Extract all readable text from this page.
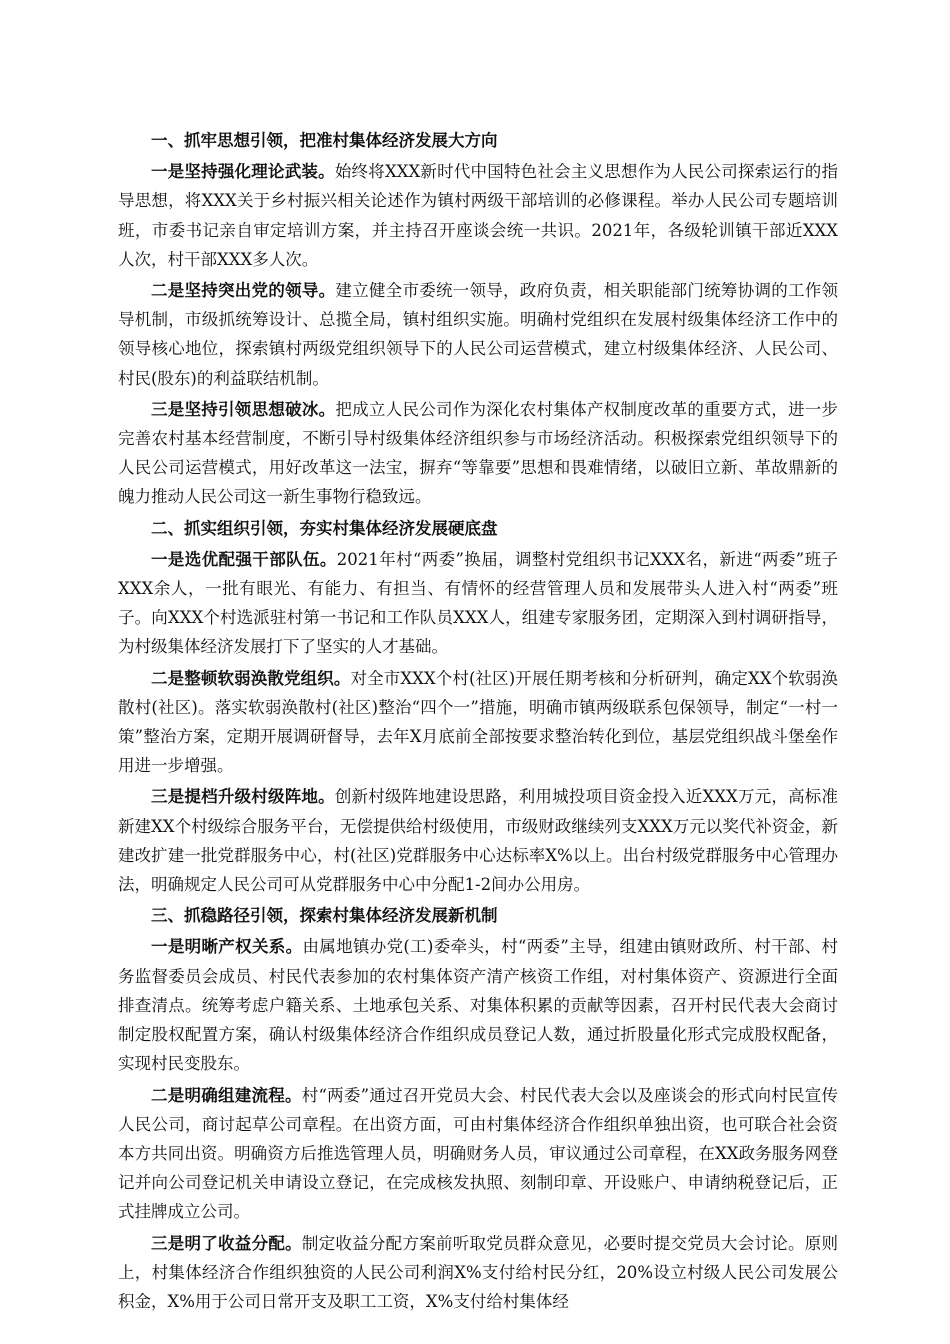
一、抓牢思想引领，把准村集体经济发展大方向

一是坚持强化理论武装。始终将XXX新时代中国特色社会主义思想作为人民公司探索运行的指导思想，将XXX关于乡村振兴相关论述作为镇村两级干部培训的必修课程。举办人民公司专题培训班，市委书记亲自审定培训方案，并主持召开座谈会统一共识。2021年，各级轮训镇干部近XXX人次，村干部XXX多人次。

二是坚持突出党的领导。建立健全市委统一领导，政府负责，相关职能部门统筹协调的工作领导机制，市级抓统筹设计、总揽全局，镇村组织实施。明确村党组织在发展村级集体经济工作中的领导核心地位，探索镇村两级党组织领导下的人民公司运营模式，建立村级集体经济、人民公司、村民(股东)的利益联结机制。

三是坚持引领思想破冰。把成立人民公司作为深化农村集体产权制度改革的重要方式，进一步完善农村基本经营制度，不断引导村级集体经济组织参与市场经济活动。积极探索党组织领导下的人民公司运营模式，用好改革这一法宝，摒弃“等靠要”思想和畏难情绪，以破旧立新、革故鼎新的魄力推动人民公司这一新生事物行稳致远。

二、抓实组织引领，夯实村集体经济发展硬底盘

一是选优配强干部队伍。2021年村“两委”换届，调整村党组织书记XXX名，新进“两委”班子XXX余人，一批有眼光、有能力、有担当、有情怀的经营管理人员和发展带头人进入村“两委”班子。向XXX个村选派驻村第一书记和工作队员XXX人，组建专家服务团，定期深入到村调研指导，为村级集体经济发展打下了坚实的人才基础。

二是整顿软弱涣散党组织。对全市XXX个村(社区)开展任期考核和分析研判，确定XX个软弱涣散村(社区)。落实软弱涣散村(社区)整治“四个一”措施，明确市镇两级联系包保领导，制定“一村一策”整治方案，定期开展调研督导，去年X月底前全部按要求整治转化到位，基层党组织战斗堡垒作用进一步增强。

三是提档升级村级阵地。创新村级阵地建设思路，利用城投项目资金投入近XXX万元，高标准新建XX个村级综合服务平台，无偿提供给村级使用，市级财政继续列支XXX万元以奖代补资金，新建改扩建一批党群服务中心，村(社区)党群服务中心达标率X%以上。出台村级党群服务中心管理办法，明确规定人民公司可从党群服务中心中分配1-2间办公用房。

三、抓稳路径引领，探索村集体经济发展新机制

一是明晰产权关系。由属地镇办党(工)委牵头，村“两委”主导，组建由镇财政所、村干部、村务监督委员会成员、村民代表参加的农村集体资产清产核资工作组，对村集体资产、资源进行全面排查清点。统筹考虑户籍关系、土地承包关系、对集体积累的贡献等因素，召开村民代表大会商讨制定股权配置方案，确认村级集体经济合作组织成员登记人数，通过折股量化形式完成股权配备，实现村民变股东。

二是明确组建流程。村“两委”通过召开党员大会、村民代表大会以及座谈会的形式向村民宣传人民公司，商讨起草公司章程。在出资方面，可由村集体经济合作组织单独出资，也可联合社会资本方共同出资。明确资方后推选管理人员，明确财务人员，审议通过公司章程，在XX政务服务网登记并向公司登记机关申请设立登记，在完成核发执照、刻制印章、开设账户、申请纳税登记后，正式挂牌成立公司。

三是明了收益分配。制定收益分配方案前听取党员群众意见，必要时提交党员大会讨论。原则上，村集体经济合作组织独资的人民公司利润X%支付给村民分红，20%设立村级人民公司发展公积金，X%用于公司日常开支及职工工资，X%支付给村集体经
